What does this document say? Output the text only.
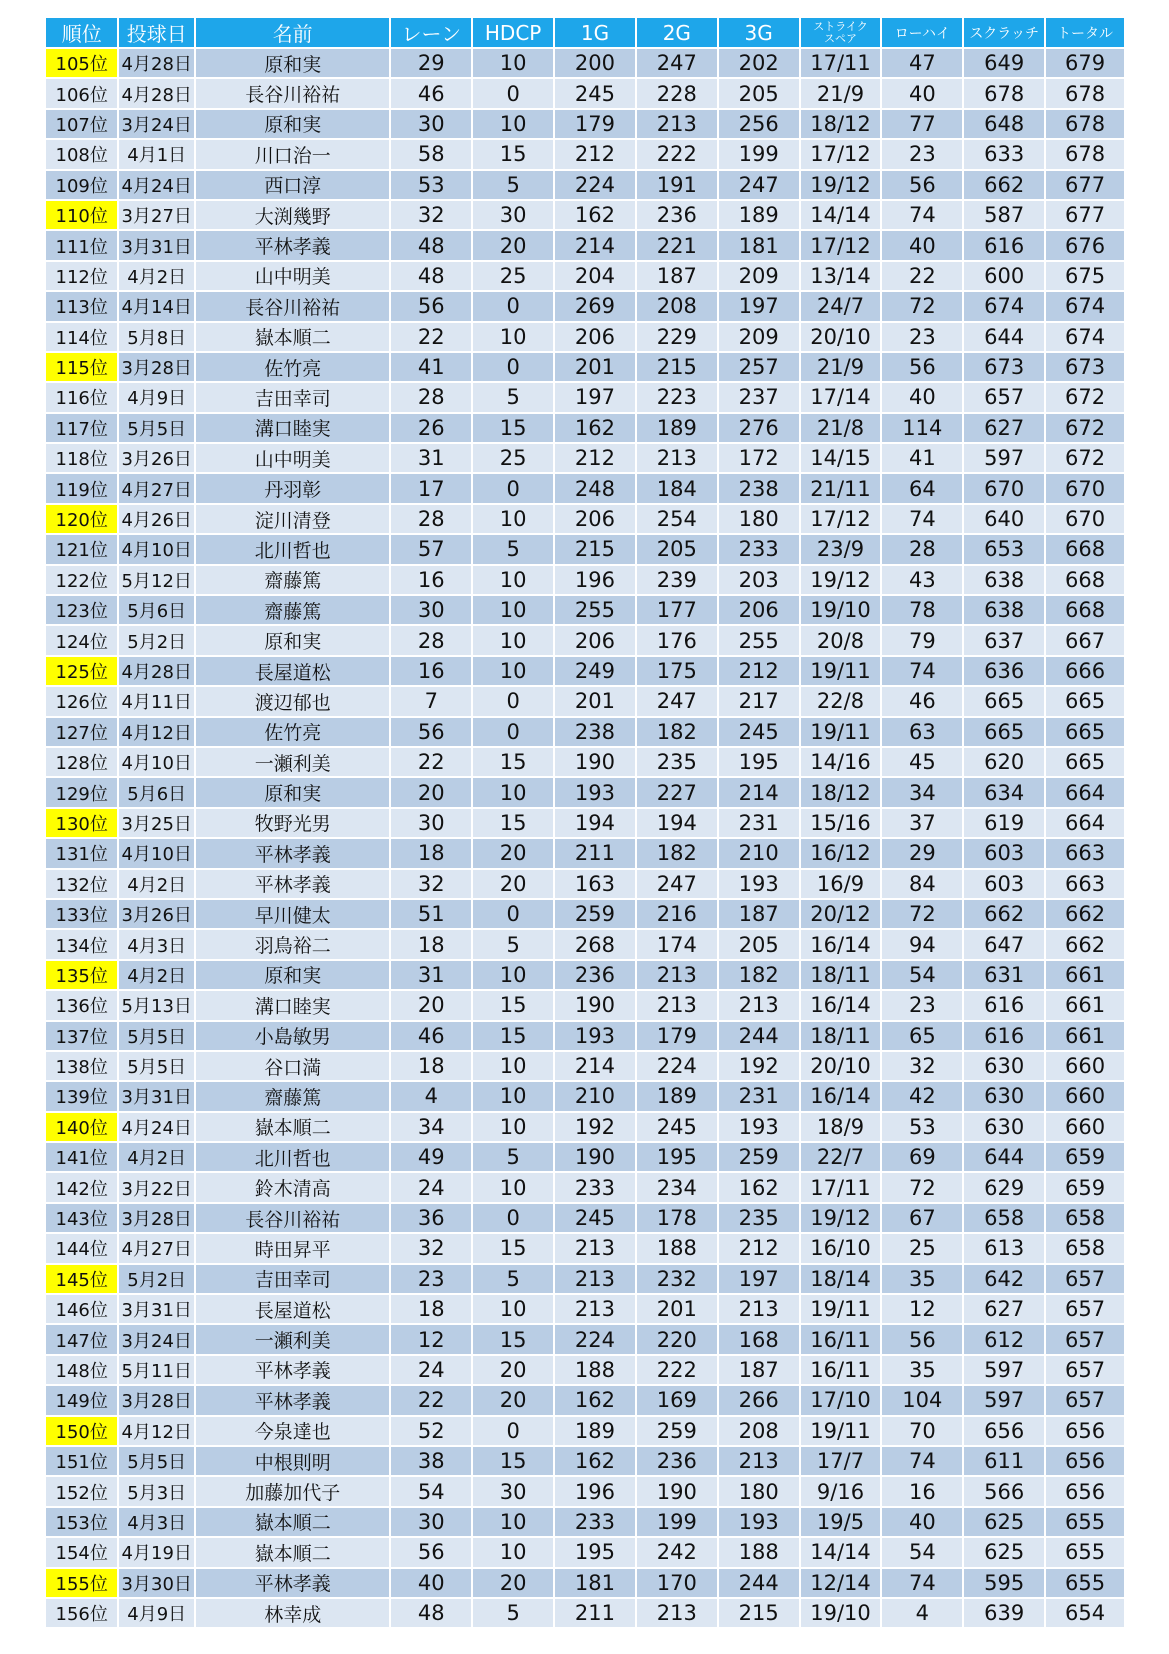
順位	投球日	名前	レーン	HDCP	1G	2G	3G	ストライク
スペア	ローハイ	スクラッチ	トータル
105位	4月28日	原和実	29	10	200	247	202	17/11	47	649	679
106位	4月28日	長谷川裕祐	46	0	245	228	205	21/9	40	678	678
107位	3月24日	原和実	30	10	179	213	256	18/12	77	648	678
108位	4月1日	川口治一	58	15	212	222	199	17/12	23	633	678
109位	4月24日	西口淳	53	5	224	191	247	19/12	56	662	677
110位	3月27日	大渕幾野	32	30	162	236	189	14/14	74	587	677
111位	3月31日	平林孝義	48	20	214	221	181	17/12	40	616	676
112位	4月2日	山中明美	48	25	204	187	209	13/14	22	600	675
113位	4月14日	長谷川裕祐	56	0	269	208	197	24/7	72	674	674
114位	5月8日	嶽本順二	22	10	206	229	209	20/10	23	644	674
115位	3月28日	佐竹亮	41	0	201	215	257	21/9	56	673	673
116位	4月9日	吉田幸司	28	5	197	223	237	17/14	40	657	672
117位	5月5日	溝口睦実	26	15	162	189	276	21/8	114	627	672
118位	3月26日	山中明美	31	25	212	213	172	14/15	41	597	672
119位	4月27日	丹羽彰	17	0	248	184	238	21/11	64	670	670
120位	4月26日	淀川清登	28	10	206	254	180	17/12	74	640	670
121位	4月10日	北川哲也	57	5	215	205	233	23/9	28	653	668
122位	5月12日	齋藤篤	16	10	196	239	203	19/12	43	638	668
123位	5月6日	齋藤篤	30	10	255	177	206	19/10	78	638	668
124位	5月2日	原和実	28	10	206	176	255	20/8	79	637	667
125位	4月28日	長屋道松	16	10	249	175	212	19/11	74	636	666
126位	4月11日	渡辺郁也	7	0	201	247	217	22/8	46	665	665
127位	4月12日	佐竹亮	56	0	238	182	245	19/11	63	665	665
128位	4月10日	一瀬利美	22	15	190	235	195	14/16	45	620	665
129位	5月6日	原和実	20	10	193	227	214	18/12	34	634	664
130位	3月25日	牧野光男	30	15	194	194	231	15/16	37	619	664
131位	4月10日	平林孝義	18	20	211	182	210	16/12	29	603	663
132位	4月2日	平林孝義	32	20	163	247	193	16/9	84	603	663
133位	3月26日	早川健太	51	0	259	216	187	20/12	72	662	662
134位	4月3日	羽鳥裕二	18	5	268	174	205	16/14	94	647	662
135位	4月2日	原和実	31	10	236	213	182	18/11	54	631	661
136位	5月13日	溝口睦実	20	15	190	213	213	16/14	23	616	661
137位	5月5日	小島敏男	46	15	193	179	244	18/11	65	616	661
138位	5月5日	谷口満	18	10	214	224	192	20/10	32	630	660
139位	3月31日	齋藤篤	4	10	210	189	231	16/14	42	630	660
140位	4月24日	嶽本順二	34	10	192	245	193	18/9	53	630	660
141位	4月2日	北川哲也	49	5	190	195	259	22/7	69	644	659
142位	3月22日	鈴木清高	24	10	233	234	162	17/11	72	629	659
143位	3月28日	長谷川裕祐	36	0	245	178	235	19/12	67	658	658
144位	4月27日	時田昇平	32	15	213	188	212	16/10	25	613	658
145位	5月2日	吉田幸司	23	5	213	232	197	18/14	35	642	657
146位	3月31日	長屋道松	18	10	213	201	213	19/11	12	627	657
147位	3月24日	一瀬利美	12	15	224	220	168	16/11	56	612	657
148位	5月11日	平林孝義	24	20	188	222	187	16/11	35	597	657
149位	3月28日	平林孝義	22	20	162	169	266	17/10	104	597	657
150位	4月12日	今泉達也	52	0	189	259	208	19/11	70	656	656
151位	5月5日	中根則明	38	15	162	236	213	17/7	74	611	656
152位	5月3日	加藤加代子	54	30	196	190	180	9/16	16	566	656
153位	4月3日	嶽本順二	30	10	233	199	193	19/5	40	625	655
154位	4月19日	嶽本順二	56	10	195	242	188	14/14	54	625	655
155位	3月30日	平林孝義	40	20	181	170	244	12/14	74	595	655
156位	4月9日	林幸成	48	5	211	213	215	19/10	4	639	654
